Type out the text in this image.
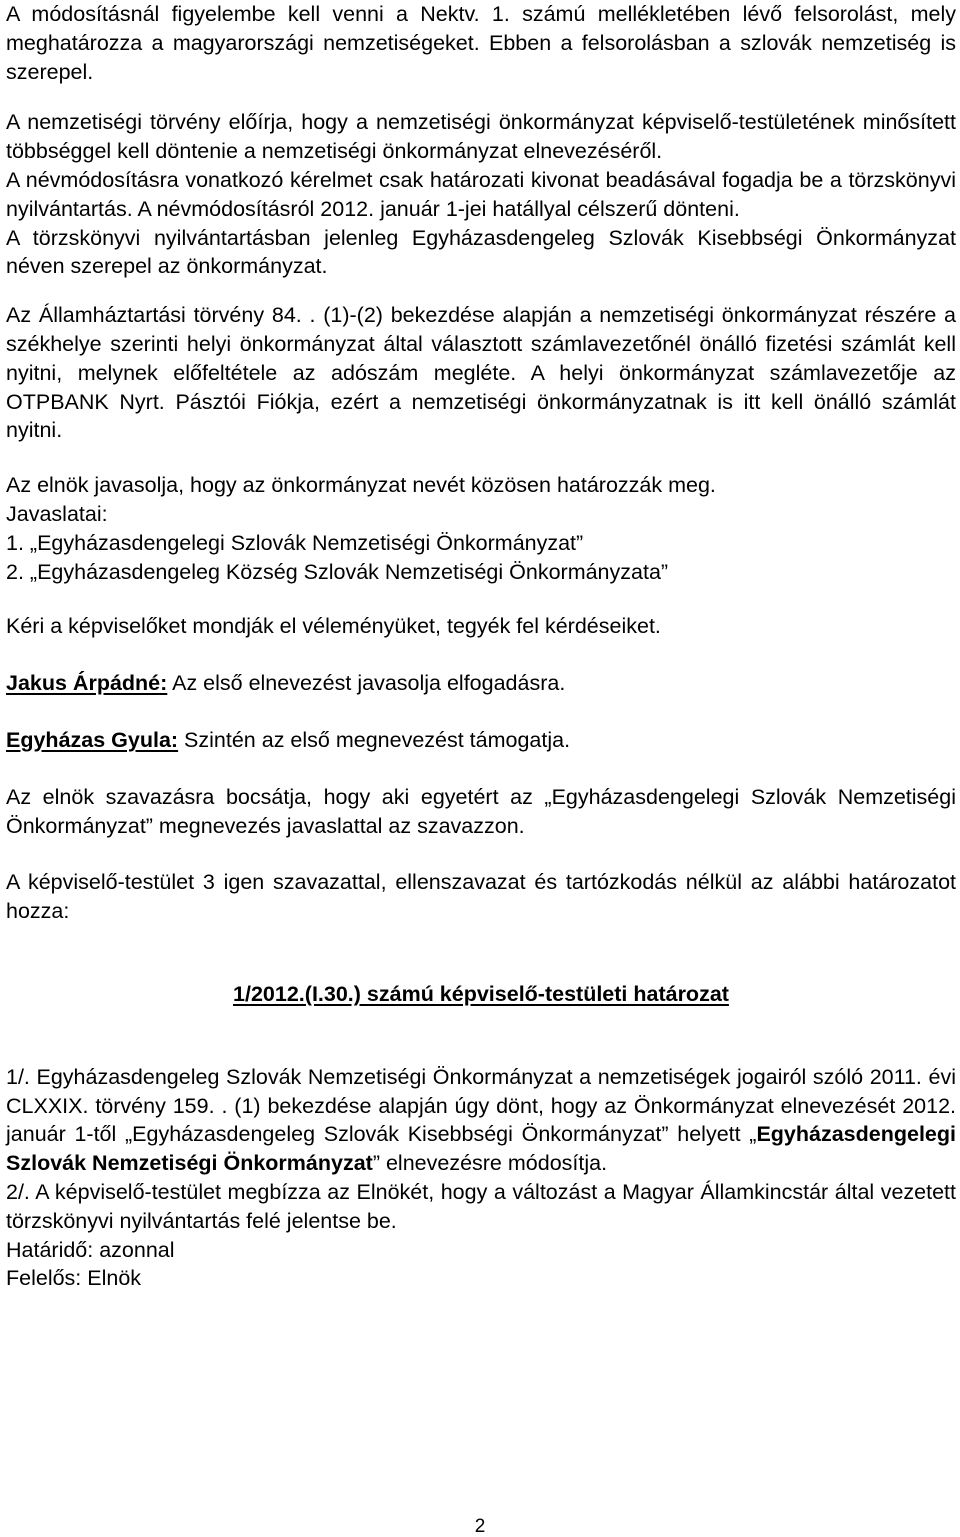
A módosításnál figyelembe kell venni a Nektv. 1. számú mellékletében lévő felsorolást, mely meghatározza a magyarországi nemzetiségeket. Ebben a felsorolásban a szlovák nemzetiség is szerepel.

A nemzetiségi törvény előírja, hogy a nemzetiségi önkormányzat képviselő-testületének minősített többséggel kell döntenie a nemzetiségi önkormányzat elnevezéséről.

A névmódosításra vonatkozó kérelmet csak határozati kivonat beadásával fogadja be a törzskönyvi nyilvántartás. A névmódosításról 2012. január 1-jei hatállyal célszerű dönteni.

A törzskönyvi nyilvántartásban jelenleg Egyházasdengeleg Szlovák Kisebbségi Önkormányzat néven szerepel az önkormányzat.

Az Államháztartási törvény 84. . (1)-(2) bekezdése alapján a nemzetiségi önkormányzat részére a székhelye szerinti helyi önkormányzat által választott számlavezetőnél önálló fizetési számlát kell nyitni, melynek előfeltétele az adószám megléte. A helyi önkormányzat számlavezetője az OTPBANK Nyrt. Pásztói Fiókja, ezért a nemzetiségi önkormányzatnak is itt kell önálló számlát nyitni.

Az elnök javasolja, hogy az önkormányzat nevét közösen határozzák meg.

Javaslatai:

1. „Egyházasdengelegi Szlovák Nemzetiségi Önkormányzat”

2. „Egyházasdengeleg Község Szlovák Nemzetiségi Önkormányzata”

Kéri a képviselőket mondják el véleményüket, tegyék fel kérdéseiket.

Jakus Árpádné: Az első elnevezést javasolja elfogadásra.

Egyházas Gyula: Szintén az első megnevezést támogatja.

Az elnök szavazásra bocsátja, hogy aki egyetért az „Egyházasdengelegi Szlovák Nemzetiségi Önkormányzat” megnevezés javaslattal az szavazzon.

A képviselő-testület 3 igen szavazattal, ellenszavazat és tartózkodás nélkül az alábbi határozatot hozza:

1/2012.(I.30.) számú képviselő-testületi határozat

1/. Egyházasdengeleg Szlovák Nemzetiségi Önkormányzat a nemzetiségek jogairól szóló 2011. évi CLXXIX. törvény 159. . (1) bekezdése alapján úgy dönt, hogy az Önkormányzat elnevezését 2012. január 1-től „Egyházasdengeleg Szlovák Kisebbségi Önkormányzat” helyett „Egyházasdengelegi Szlovák Nemzetiségi Önkormányzat” elnevezésre módosítja.

2/. A képviselő-testület megbízza az Elnökét, hogy a változást a Magyar Államkincstár által vezetett törzskönyvi nyilvántartás felé jelentse be.

Határidő: azonnal

Felelős: Elnök

2
